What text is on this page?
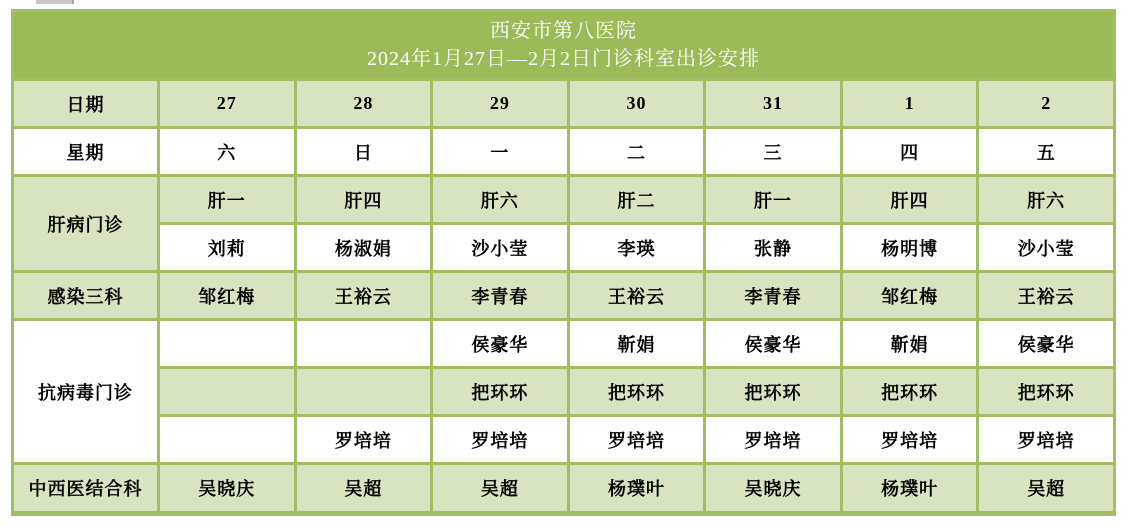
西安市第八医院
2024年1月27日—2月2日门诊科室出诊安排							

日期	27	28	29	30	31	1	2
星期	六	日	一	二	三	四	五
肝病门诊	肝一	肝四	肝六	肝二	肝一	肝四	肝六
	刘莉	杨淑娟	沙小莹	李瑛	张静	杨明博	沙小莹
感染三科	邹红梅	王裕云	李青春	王裕云	李青春	邹红梅	王裕云
抗病毒门诊			侯豪华	靳娟	侯豪华	靳娟	侯豪华
			把环环	把环环	把环环	把环环	把环环
		罗培培	罗培培	罗培培	罗培培	罗培培	罗培培
中西医结合科	吴晓庆	吴超	吴超	杨璞叶	吴晓庆	杨璞叶	吴超
